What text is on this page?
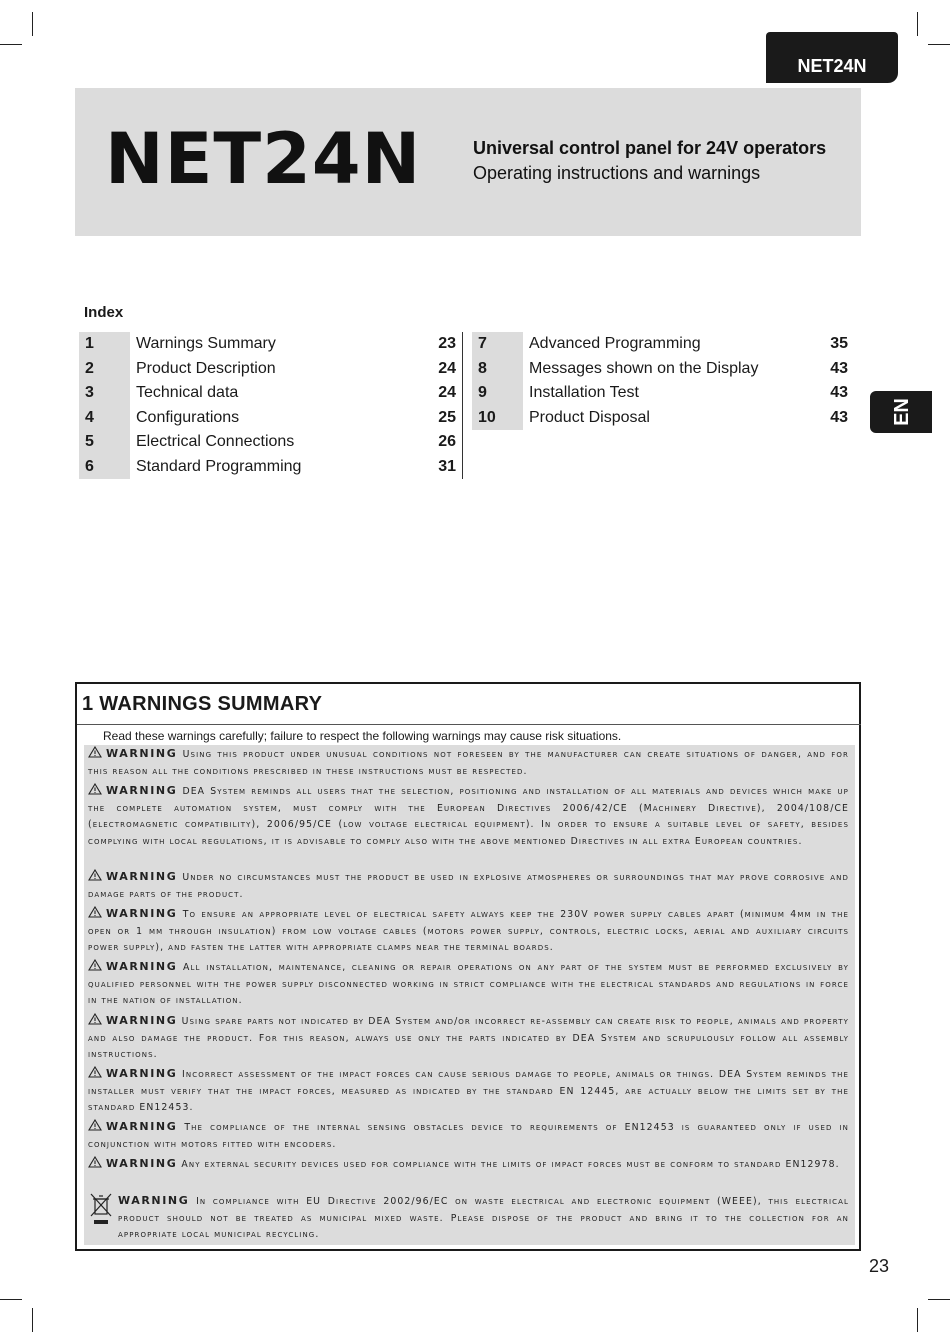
NET24N
NET24N	Universal control panel for 24V operators
Operating instructions and warnings
Index
1	Warnings Summary	23
2	Product Description	24
3	Technical data	24
4	Configurations	25
5	Electrical Connections	26
6	Standard Programming	31
7	Advanced Programming	35
8	Messages shown on the Display	43
9	Installation Test	43
10	Product Disposal	43 EN
1 WARNINGS SUMMARY
Read these warnings carefully; failure to respect the following warnings may cause risk situations.
WARNING Using this product under unusual conditions not foreseen by the manufacturer can create situations of danger, and for this reason all the conditions prescribed in these instructions must be respected.
WARNING DEA System reminds all users that the selection, positioning and installation of all materials and devices which make up the complete automation system, must comply with the European Directives 2006/42/CE (Machinery Directive), 2004/108/CE (electromagnetic compatibility), 2006/95/CE (low voltage electrical equipment). In order to ensure a suitable level of safety, besides complying with local regulations, it is advisable to comply also with the above mentioned Directives in all extra European countries.
WARNING Under no circumstances must the product be used in explosive atmospheres or surroundings that may prove corrosive and damage parts of the product.
WARNING To ensure an appropriate level of electrical safety always keep the 230V power supply cables apart (minimum 4mm in the open or 1 mm through insulation) from low voltage cables (motors power supply, controls, electric locks, aerial and auxiliary circuits power supply), and fasten the latter with appropriate clamps near the terminal boards.
WARNING All installation, maintenance, cleaning or repair operations on any part of the system must be performed exclusively by qualified personnel with the power supply disconnected working in strict compliance with the electrical standards and regulations in force in the nation of installation.
WARNING Using spare parts not indicated by DEA System and/or incorrect re-assembly can create risk to people, animals and property and also damage the product. For this reason, always use only the parts indicated by DEA System and scrupulously follow all assembly instructions.
WARNING Incorrect assessment of the impact forces can cause serious damage to people, animals or things. DEA System reminds the installer must verify that the impact forces, measured as indicated by the standard EN 12445, are actually below the limits set by the standard EN12453.
WARNING The compliance of the internal sensing obstacles device to requirements of EN12453 is guaranteed only if used in conjunction with motors fitted with encoders.
WARNING Any external security devices used for compliance with the limits of impact forces must be conform to standard EN12978.
WARNING In compliance with EU Directive 2002/96/EC on waste electrical and electronic equipment (WEEE), this electrical product should not be treated as municipal mixed waste. Please dispose of the product and bring it to the collection for an appropriate local municipal recycling.
23
